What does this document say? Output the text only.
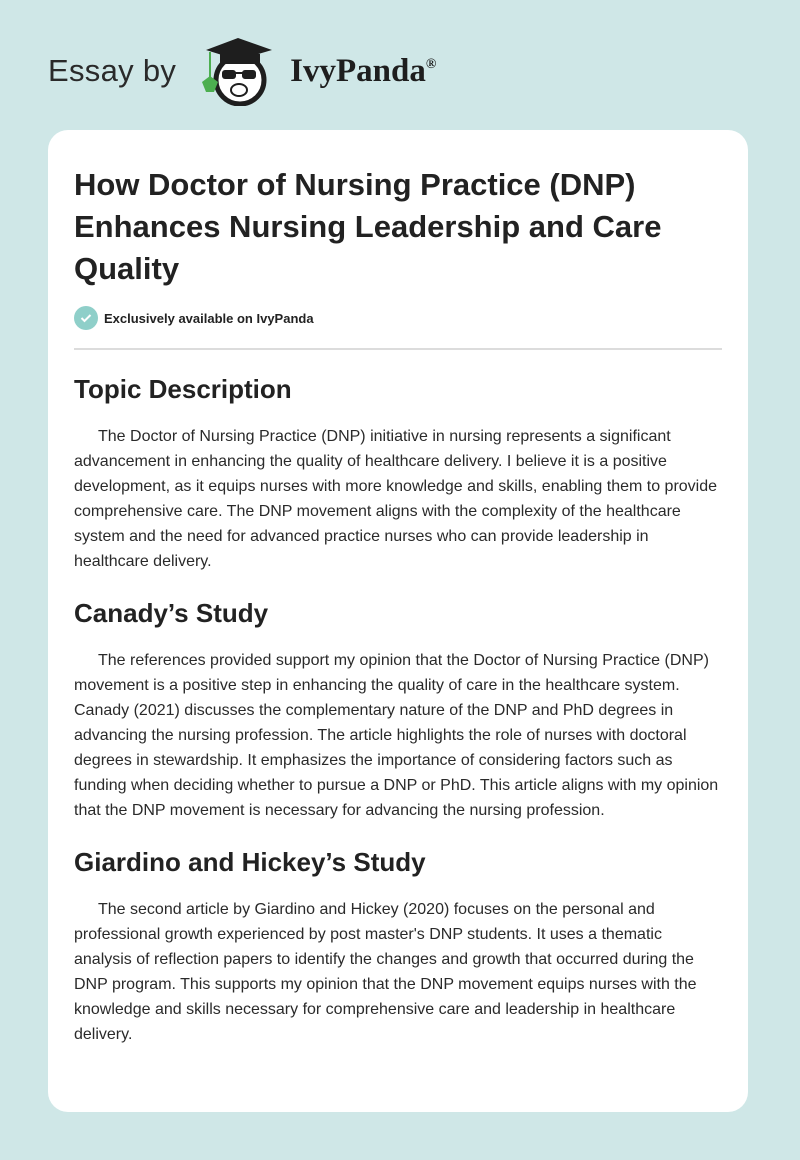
Essay by	IvyPanda®
How Doctor of Nursing Practice (DNP) Enhances Nursing Leadership and Care Quality
Exclusively available on IvyPanda
Topic Description

The Doctor of Nursing Practice (DNP) initiative in nursing represents a significant advancement in enhancing the quality of healthcare delivery. I believe it is a positive development, as it equips nurses with more knowledge and skills, enabling them to provide comprehensive care. The DNP movement aligns with the complexity of the healthcare system and the need for advanced practice nurses who can provide leadership in healthcare delivery.

Canady’s Study

The references provided support my opinion that the Doctor of Nursing Practice (DNP) movement is a positive step in enhancing the quality of care in the healthcare system. Canady (2021) discusses the complementary nature of the DNP and PhD degrees in advancing the nursing profession. The article highlights the role of nurses with doctoral degrees in stewardship. It emphasizes the importance of considering factors such as funding when deciding whether to pursue a DNP or PhD. This article aligns with my opinion that the DNP movement is necessary for advancing the nursing profession.

Giardino and Hickey’s Study

The second article by Giardino and Hickey (2020) focuses on the personal and professional growth experienced by post master's DNP students. It uses a thematic analysis of reflection papers to identify the changes and growth that occurred during the DNP program. This supports my opinion that the DNP movement equips nurses with the knowledge and skills necessary for comprehensive care and leadership in healthcare delivery.
